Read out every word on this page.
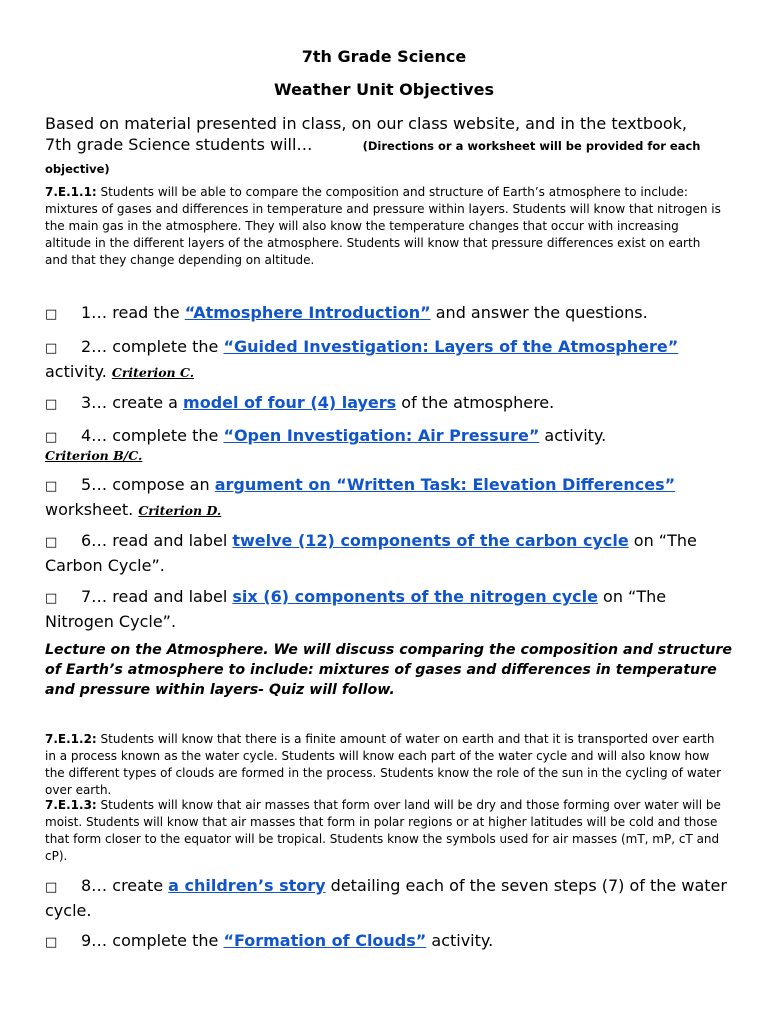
7th Grade Science
Weather Unit Objectives
Based on material presented in class, on our class website, and in the textbook, 7th grade Science students will…	(Directions or a worksheet will be provided for each objective)
7.E.1.1: Students will be able to compare the composition and structure of Earth’s atmosphere to include: mixtures of gases and differences in temperature and pressure within layers. Students will know that nitrogen is the main gas in the atmosphere. They will also know the temperature changes that occur with increasing altitude in the different layers of the atmosphere. Students will know that pressure differences exist on earth and that they change depending on altitude.
□ 1… read the “Atmosphere Introduction” and answer the questions.
□ 2… complete the “Guided Investigation: Layers of the Atmosphere” activity. Criterion C.
□ 3… create a model of four (4) layers of the atmosphere.
□ 4… complete the “Open Investigation: Air Pressure” activity.
$^{Criterion B/C.}$
□ 5… compose an argument on “Written Task: Elevation Differences” worksheet. Criterion D.
□ 6… read and label twelve (12) components of the carbon cycle on “The Carbon Cycle”.
□ 7… read and label six (6) components of the nitrogen cycle on “The Nitrogen Cycle”.
Lecture on the Atmosphere. We will discuss comparing the composition and structure of Earth’s atmosphere to include: mixtures of gases and differences in temperature and pressure within layers- Quiz will follow.
7.E.1.2: Students will know that there is a finite amount of water on earth and that it is transported over earth in a process known as the water cycle. Students will know each part of the water cycle and will also know how the different types of clouds are formed in the process. Students know the role of the sun in the cycling of water over earth.
7.E.1.3: Students will know that air masses that form over land will be dry and those forming over water will be moist. Students will know that air masses that form in polar regions or at higher latitudes will be cold and those that form closer to the equator will be tropical. Students know the symbols used for air masses (mT, mP, cT and cP).
□ 8… create a children’s story detailing each of the seven steps (7) of the water cycle.
□ 9… complete the “Formation of Clouds” activity.
